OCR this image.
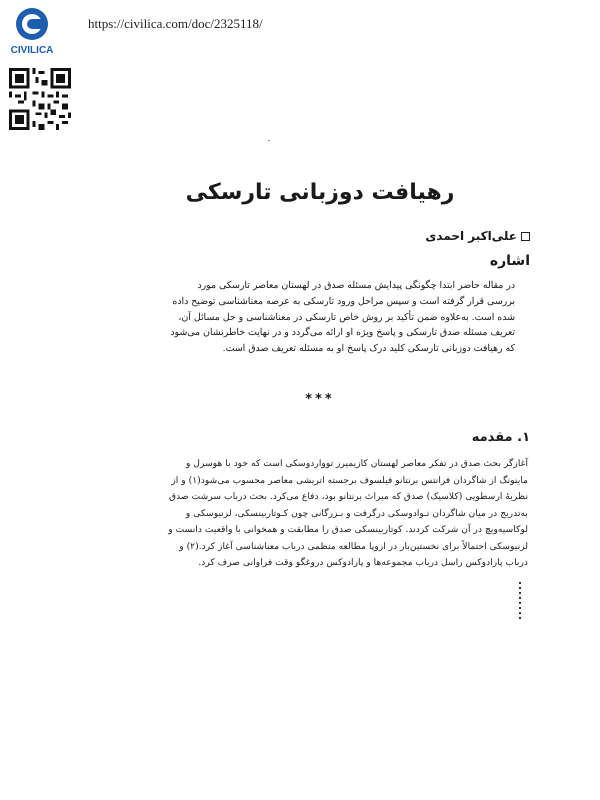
CIVILICA
https://civilica.com/doc/2325118/
رهیافت دوزبانی تارسکی
علی‌اکبر احمدی
اشاره
در مقاله حاضر ابتدا چگونگی پیدایش مسئله صدق در لهستان معاصر تارسکی مورد
بررسی قرار گرفته است و سپس مراحل ورود تارسکی به عرصه معناشناسی توضیح داده
شده است. به‌علاوه ضمن تأکید بر روش خاص تارسکی در معناشناسی و حل مسائل آن،
تعریف مسئله صدق تارسکی و پاسخ ویژه او ارائه می‌گردد و در نهایت خاطرنشان می‌شود
که رهیافت دوزبانی تارسکی کلید درک پاسخ او به مسئله تعریف صدق است.
***
۱. مقدمه
آغازگر بحث صدق در تفکر معاصر لهستان کازیمیرز توواردوسکی است که خود با هوسرل و
ماینونگ از شاگردان فرانتس برنتانو فیلسوف برجسته اتریشی معاصر محسوب می‌شود(۱) و از
نظریهٔ ارسطویی (کلاسیک) صدق که میراث برنتانو بود، دفاع می‌کرد. بحث درباب سرشت صدق
به‌تدریج در میان شاگردان تـوادوسکی درگرفت و بـزرگانی چون کـوتاربینسکی، لزنیوسکی و
لوکاسیه‌ویچ در آن شرکت کردند. کوتاربینسکی صدق را مطابقت و همخوانی با واقعیت دانست و
لزنیوسکی احتمالاً برای نخستین‌بار در اروپا مطالعه منظمی درباب معناشناسی آغاز کرد.(۲) و
درباب پارادوکس راسل درباب مجموعه‌ها و پارادوکس دروغگو وقت فراوانی صرف کرد.
